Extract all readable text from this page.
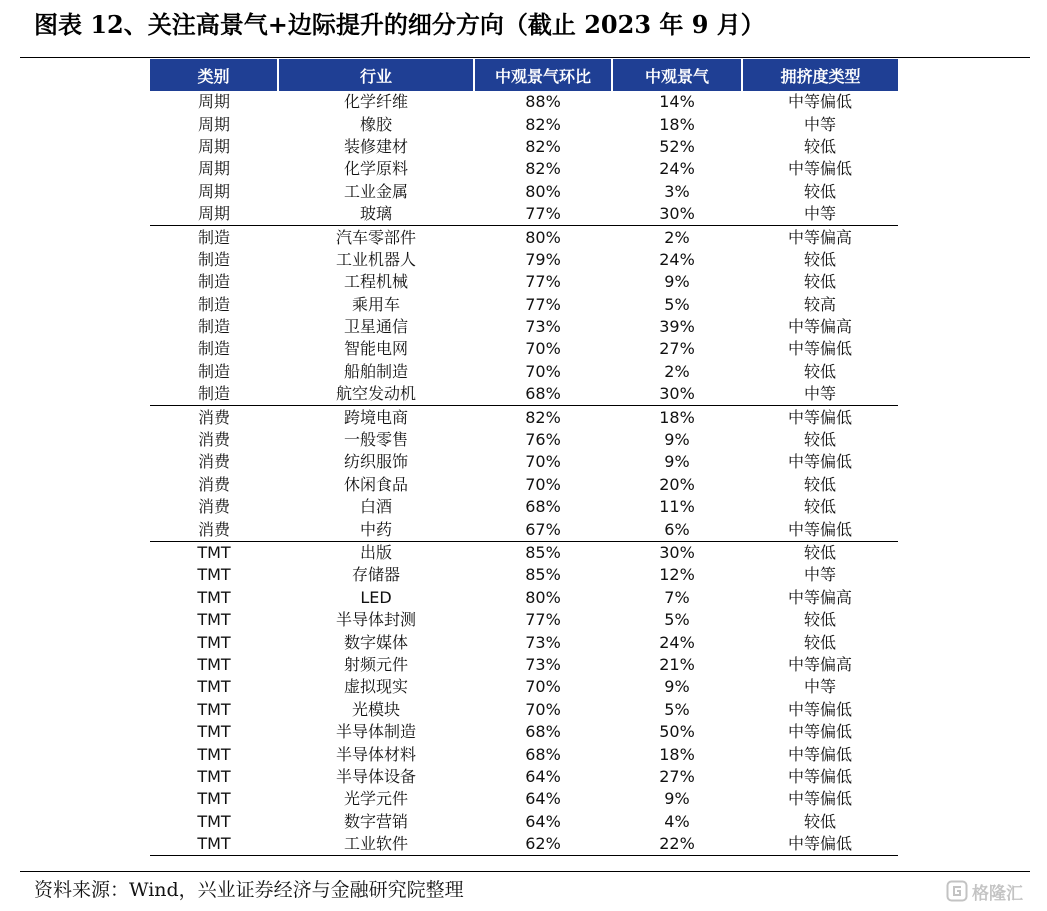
图表 12、关注高景气+边际提升的细分方向（截止 2023 年 9 月）
类别	行业	中观景气环比	中观景气	拥挤度类型
周期	化学纤维	88%	14%	中等偏低
周期	橡胶	82%	18%	中等
周期	装修建材	82%	52%	较低
周期	化学原料	82%	24%	中等偏低
周期	工业金属	80%	3%	较低
周期	玻璃	77%	30%	中等
制造	汽车零部件	80%	2%	中等偏高
制造	工业机器人	79%	24%	较低
制造	工程机械	77%	9%	较低
制造	乘用车	77%	5%	较高
制造	卫星通信	73%	39%	中等偏高
制造	智能电网	70%	27%	中等偏低
制造	船舶制造	70%	2%	较低
制造	航空发动机	68%	30%	中等
消费	跨境电商	82%	18%	中等偏低
消费	一般零售	76%	9%	较低
消费	纺织服饰	70%	9%	中等偏低
消费	休闲食品	70%	20%	较低
消费	白酒	68%	11%	较低
消费	中药	67%	6%	中等偏低
TMT	出版	85%	30%	较低
TMT	存储器	85%	12%	中等
TMT	LED	80%	7%	中等偏高
TMT	半导体封测	77%	5%	较低
TMT	数字媒体	73%	24%	较低
TMT	射频元件	73%	21%	中等偏高
TMT	虚拟现实	70%	9%	中等
TMT	光模块	70%	5%	中等偏低
TMT	半导体制造	68%	50%	中等偏低
TMT	半导体材料	68%	18%	中等偏低
TMT	半导体设备	64%	27%	中等偏低
TMT	光学元件	64%	9%	中等偏低
TMT	数字营销	64%	4%	较低
TMT	工业软件	62%	22%	中等偏低
资料来源：Wind，兴业证券经济与金融研究院整理	格隆汇
